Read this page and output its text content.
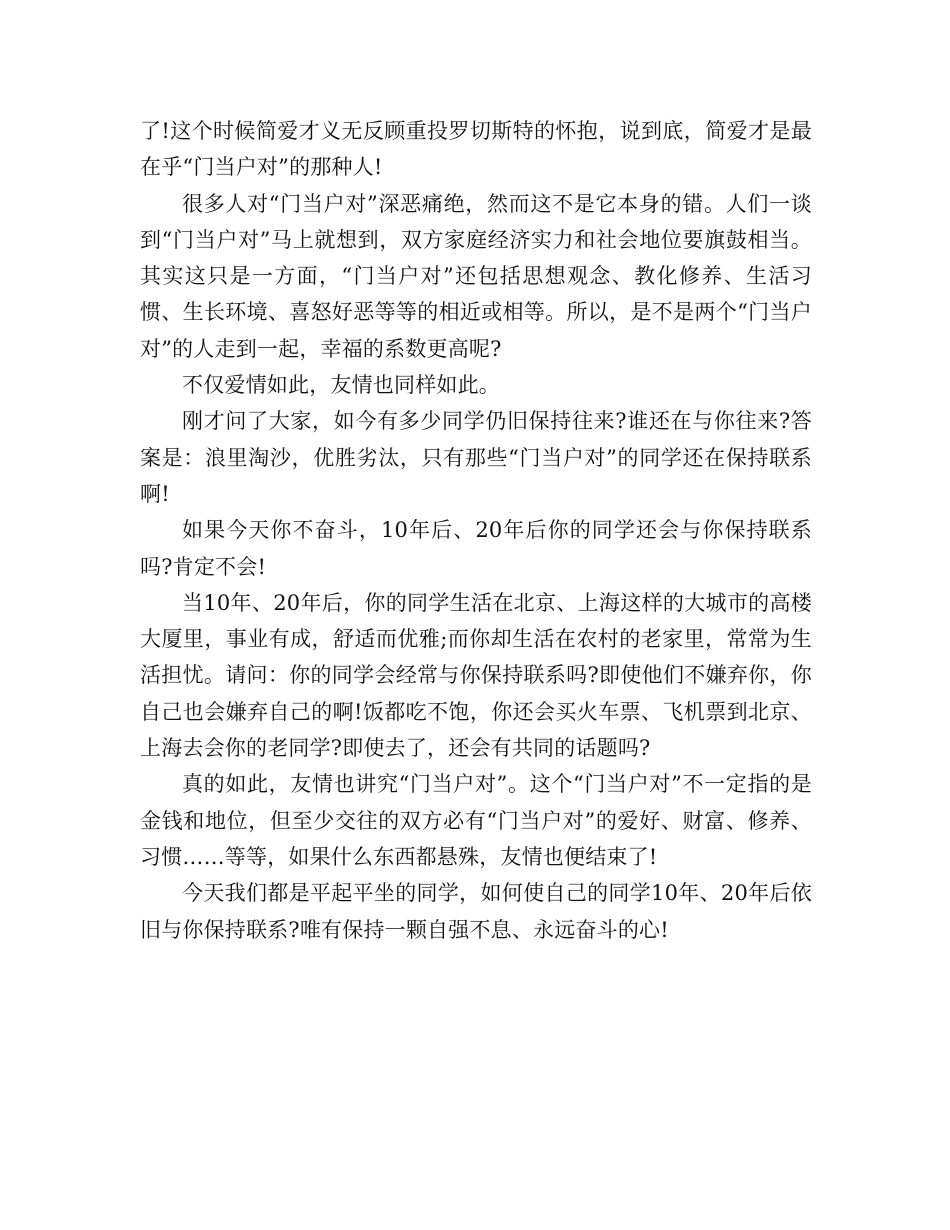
了!这个时候简爱才义无反顾重投罗切斯特的怀抱，说到底，简爱才是最在乎“门当户对”的那种人!

很多人对“门当户对”深恶痛绝，然而这不是它本身的错。人们一谈到“门当户对”马上就想到，双方家庭经济实力和社会地位要旗鼓相当。其实这只是一方面，“门当户对”还包括思想观念、教化修养、生活习惯、生长环境、喜怒好恶等等的相近或相等。所以，是不是两个“门当户对”的人走到一起，幸福的系数更高呢?

不仅爱情如此，友情也同样如此。

刚才问了大家，如今有多少同学仍旧保持往来?谁还在与你往来?答案是：浪里淘沙，优胜劣汰，只有那些“门当户对”的同学还在保持联系啊!

如果今天你不奋斗，10年后、20年后你的同学还会与你保持联系吗?肯定不会!

当10年、20年后，你的同学生活在北京、上海这样的大城市的高楼大厦里，事业有成，舒适而优雅;而你却生活在农村的老家里，常常为生活担忧。请问：你的同学会经常与你保持联系吗?即使他们不嫌弃你，你自己也会嫌弃自己的啊!饭都吃不饱，你还会买火车票、飞机票到北京、上海去会你的老同学?即使去了，还会有共同的话题吗?

真的如此，友情也讲究“门当户对”。这个“门当户对”不一定指的是金钱和地位，但至少交往的双方必有“门当户对”的爱好、财富、修养、习惯……等等，如果什么东西都悬殊，友情也便结束了!

今天我们都是平起平坐的同学，如何使自己的同学10年、20年后依旧与你保持联系?唯有保持一颗自强不息、永远奋斗的心!
